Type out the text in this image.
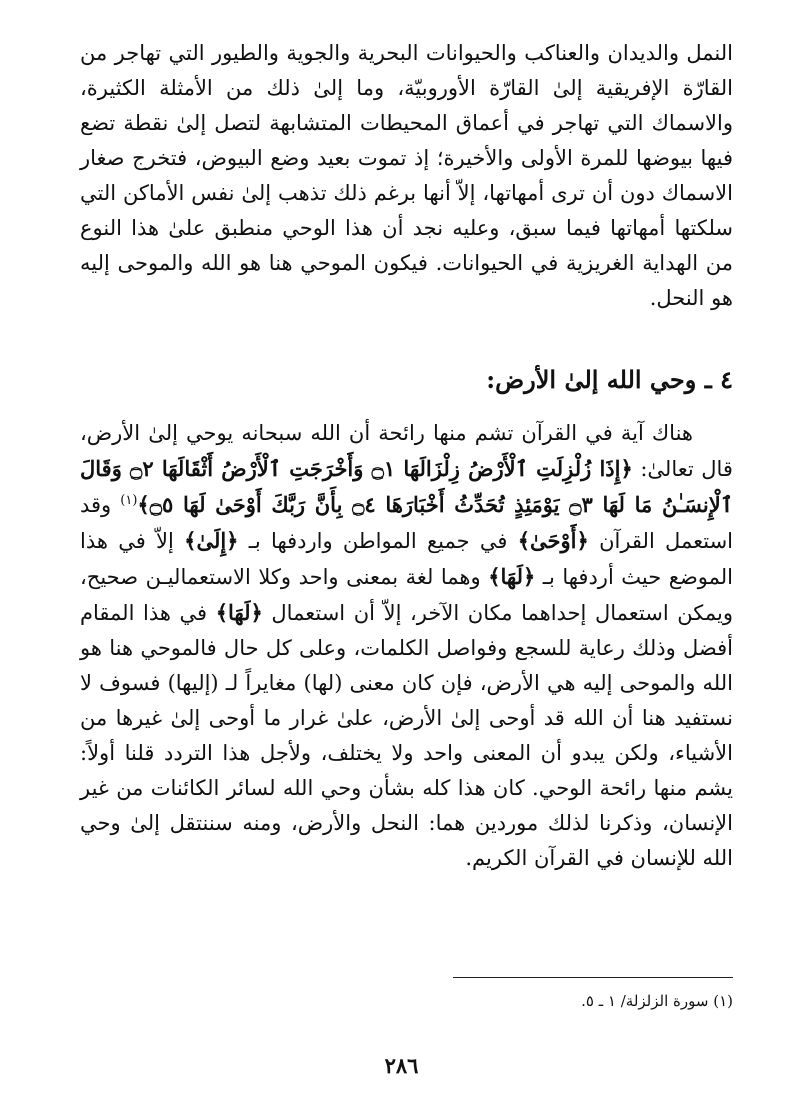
النمل والديدان والعناكب والحيوانات البحرية والجوية والطيور التي تهاجر من القارّة الإفريقية إلىٰ القارّة الأوروبيّة، وما إلىٰ ذلك من الأمثلة الكثيرة، والاسماك التي تهاجر في أعماق المحيطات المتشابهة لتصل إلىٰ نقطة تضع فيها بيوضها للمرة الأولى والأخيرة؛ إذ تموت بعيد وضع البيوض، فتخرج صغار الاسماك دون أن ترى أمهاتها، إلاّ أنها برغم ذلك تذهب إلىٰ نفس الأماكن التي سلكتها أمهاتها فيما سبق، وعليه نجد أن هذا الوحي منطبق علىٰ هذا النوع من الهداية الغريزية في الحيوانات. فيكون الموحي هنا هو الله والموحى إليه هو النحل.

٤ ـ وحي الله إلىٰ الأرض:

هناك آية في القرآن تشم منها رائحة أن الله سبحانه يوحي إلىٰ الأرض، قال تعالىٰ: ﴿إِذَا زُلْزِلَتِ ٱلْأَرْضُ زِلْزَالَهَا ۝١ وَأَخْرَجَتِ ٱلْأَرْضُ أَثْقَالَهَا ۝٢ وَقَالَ ٱلْإِنسَـٰنُ مَا لَهَا ۝٣ يَوْمَئِذٍ تُحَدِّثُ أَخْبَارَهَا ۝٤ بِأَنَّ رَبَّكَ أَوْحَىٰ لَهَا ۝٥﴾$^{(١)}$ وقد استعمل القرآن ﴿أَوْحَىٰ﴾ في جميع المواطن واردفها بـ ﴿إِلَىٰ﴾ إلاّ في هذا الموضع حيث أردفها بـ ﴿لَهَا﴾ وهما لغة بمعنى واحد وكلا الاستعماليـن صحيح، ويمكن استعمال إحداهما مكان الآخر، إلاّ أن استعمال ﴿لَهَا﴾ في هذا المقام أفضل وذلك رعاية للسجع وفواصل الكلمات، وعلى كل حال فالموحي هنا هو الله والموحى إليه هي الأرض، فإن كان معنى (لها) مغايراً لـ (إليها) فسوف لا نستفيد هنا أن الله قد أوحى إلىٰ الأرض، علىٰ غرار ما أوحى إلىٰ غيرها من الأشياء، ولكن يبدو أن المعنى واحد ولا يختلف، ولأجل هذا التردد قلنا أولاً: يشم منها رائحة الوحي. كان هذا كله بشأن وحي الله لسائر الكائنات من غير الإنسان، وذكرنا لذلك موردين هما: النحل والأرض، ومنه سننتقل إلىٰ وحي الله للإنسان في القرآن الكريم.

(١) سورة الزلزلة/ ١ ـ ٥.

٢٨٦
